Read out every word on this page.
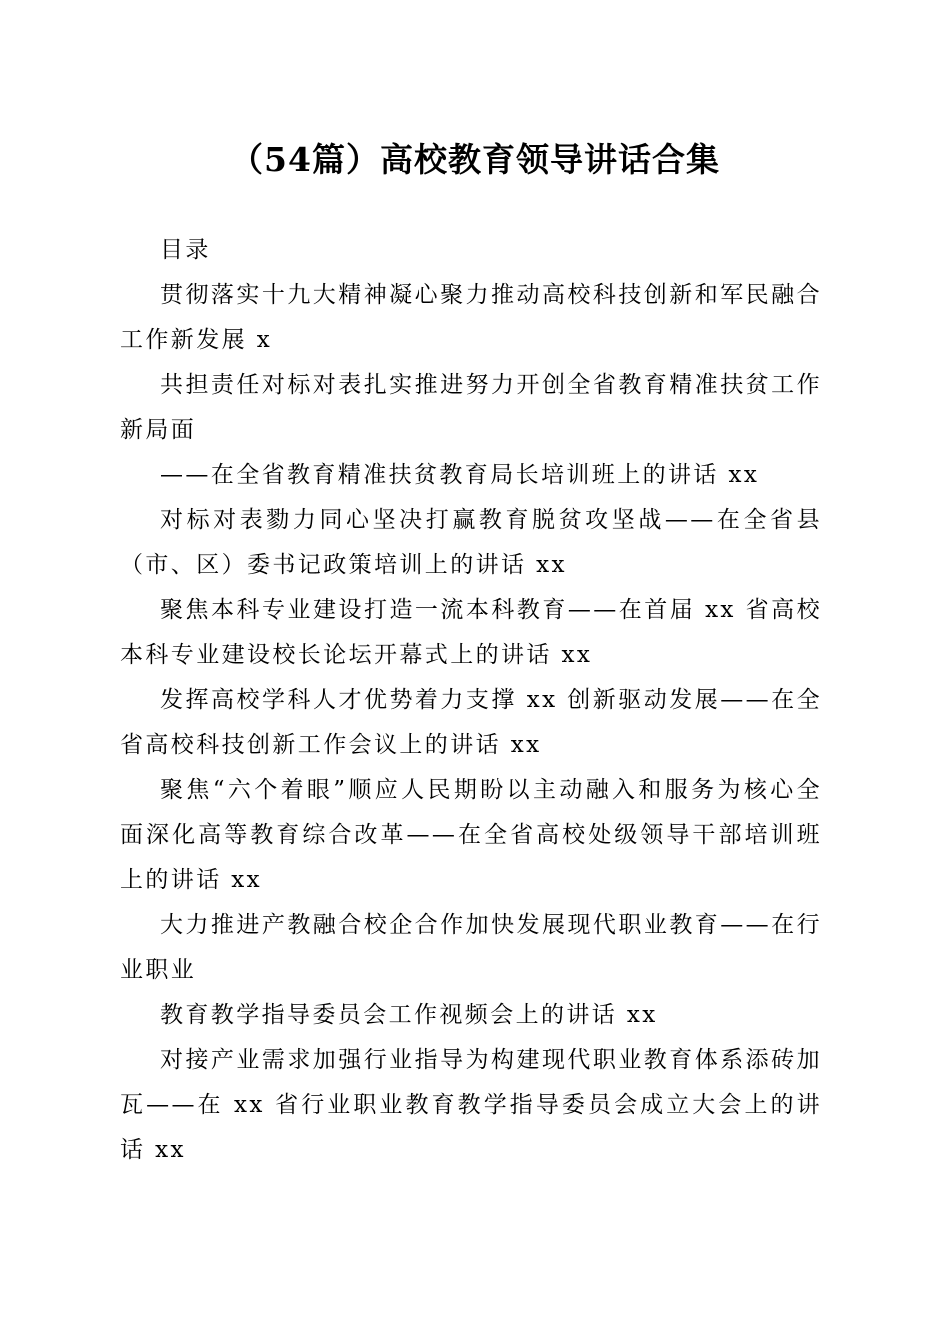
（54篇）高校教育领导讲话合集

目录

贯彻落实十九大精神凝心聚力推动高校科技创新和军民融合工作新发展 x

共担责任对标对表扎实推进努力开创全省教育精准扶贫工作新局面

——在全省教育精准扶贫教育局长培训班上的讲话 xx

对标对表勠力同心坚决打赢教育脱贫攻坚战——在全省县（市、区）委书记政策培训上的讲话 xx

聚焦本科专业建设打造一流本科教育——在首届 xx 省高校本科专业建设校长论坛开幕式上的讲话 xx

发挥高校学科人才优势着力支撑 xx 创新驱动发展——在全省高校科技创新工作会议上的讲话 xx

聚焦“六个着眼”顺应人民期盼以主动融入和服务为核心全面深化高等教育综合改革——在全省高校处级领导干部培训班上的讲话 xx

大力推进产教融合校企合作加快发展现代职业教育——在行业职业

教育教学指导委员会工作视频会上的讲话 xx

对接产业需求加强行业指导为构建现代职业教育体系添砖加瓦——在 xx 省行业职业教育教学指导委员会成立大会上的讲话 xx
